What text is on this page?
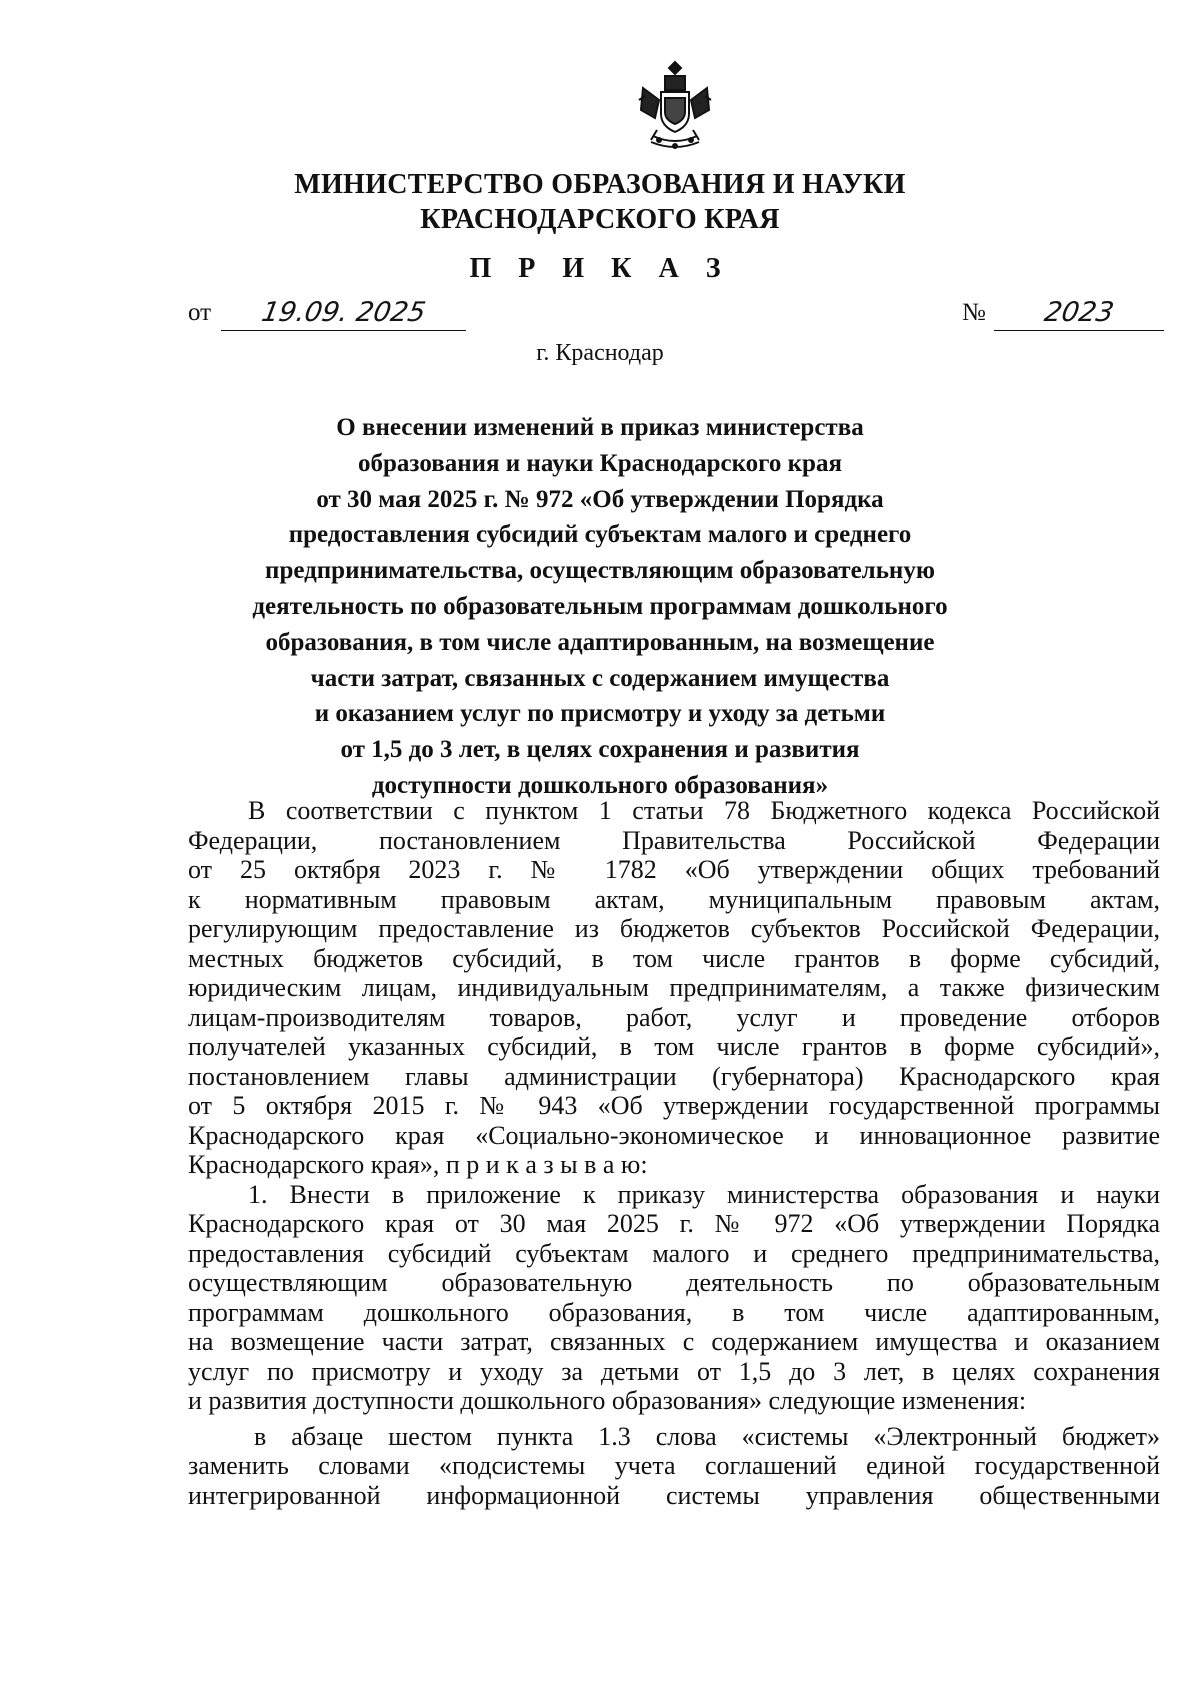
МИНИСТЕРСТВО ОБРАЗОВАНИЯ И НАУКИ
КРАСНОДАРСКОГО КРАЯ
П Р И К А З
от	19.09. 2025	№	2023
г. Краснодар
О внесении изменений в приказ министерства
образования и науки Краснодарского края
от 30 мая 2025 г. № 972 «Об утверждении Порядка
предоставления субсидий субъектам малого и среднего
предпринимательства, осуществляющим образовательную
деятельность по образовательным программам дошкольного
образования, в том числе адаптированным, на возмещение
части затрат, связанных с содержанием имущества
и оказанием услуг по присмотру и уходу за детьми
от 1,5 до 3 лет, в целях сохранения и развития
доступности дошкольного образования»
В соответствии с пунктом 1 статьи 78 Бюджетного кодекса Российской
Федерации, постановлением Правительства Российской Федерации
от 25 октября 2023 г. № 1782 «Об утверждении общих требований
к нормативным правовым актам, муниципальным правовым актам,
регулирующим предоставление из бюджетов субъектов Российской Федерации,
местных бюджетов субсидий, в том числе грантов в форме субсидий,
юридическим лицам, индивидуальным предпринимателям, а также физическим
лицам-производителям товаров, работ, услуг и проведение отборов
получателей указанных субсидий, в том числе грантов в форме субсидий»,
постановлением главы администрации (губернатора) Краснодарского края
от 5 октября 2015 г. № 943 «Об утверждении государственной программы
Краснодарского края «Социально-экономическое и инновационное развитие
Краснодарского края», п р и к а з ы в а ю:
1. Внести в приложение к приказу министерства образования и науки
Краснодарского края от 30 мая 2025 г. № 972 «Об утверждении Порядка
предоставления субсидий субъектам малого и среднего предпринимательства,
осуществляющим образовательную деятельность по образовательным
программам дошкольного образования, в том числе адаптированным,
на возмещение части затрат, связанных с содержанием имущества и оказанием
услуг по присмотру и уходу за детьми от 1,5 до 3 лет, в целях сохранения
и развития доступности дошкольного образования» следующие изменения:
в абзаце шестом пункта 1.3 слова «системы «Электронный бюджет»
заменить словами «подсистемы учета соглашений единой государственной
интегрированной информационной системы управления общественными
